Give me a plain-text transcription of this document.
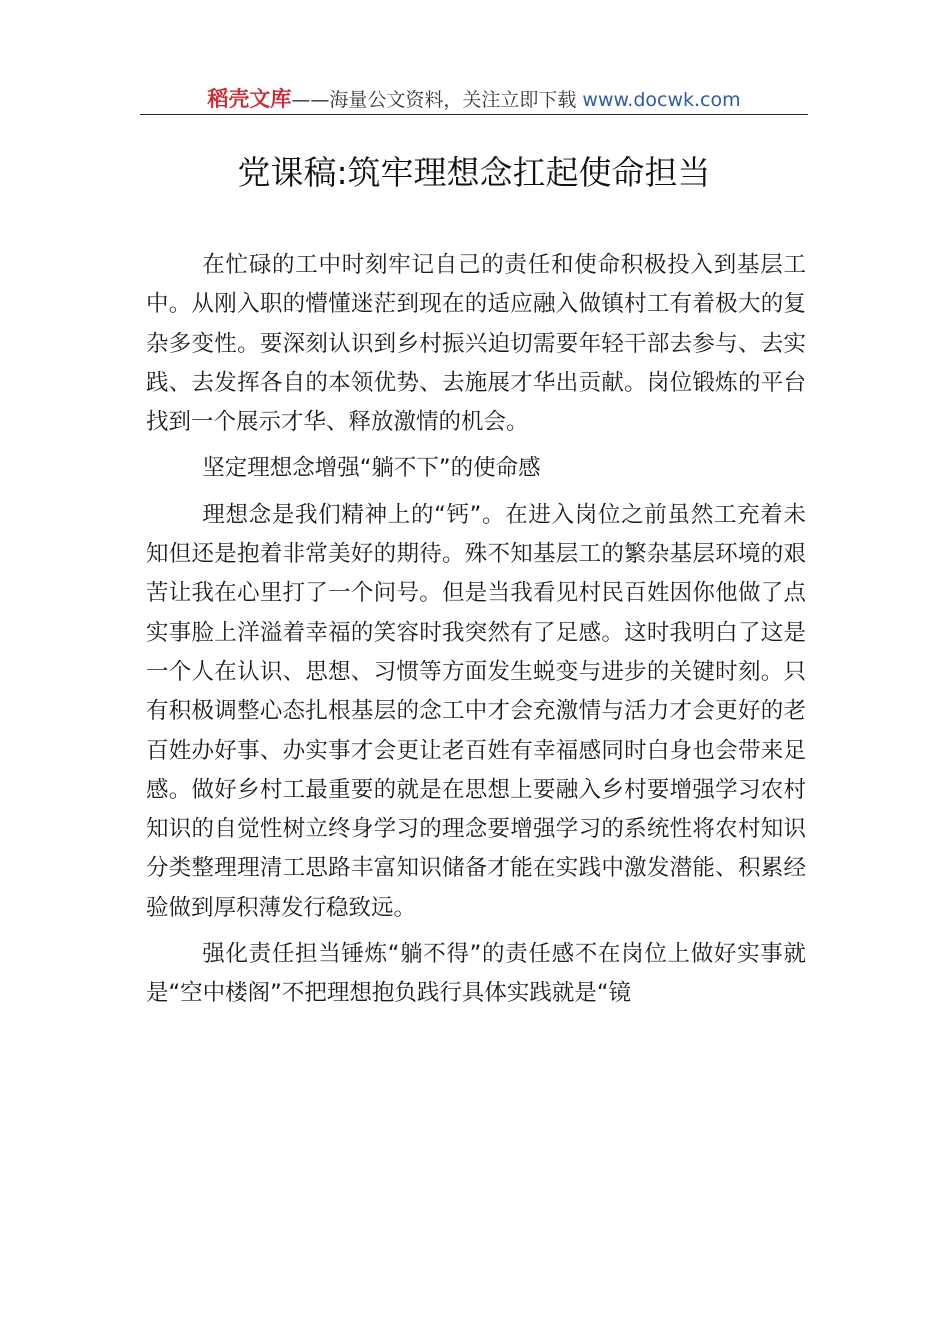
稻壳文库——海量公文资料，关注立即下载 www.docwk.com
党课稿:筑牢理想念扛起使命担当

在忙碌的工中时刻牢记自己的责任和使命积极投入到基层工中。从刚入职的懵懂迷茫到现在的适应融入做镇村工有着极大的复杂多变性。要深刻认识到乡村振兴迫切需要年轻干部去参与、去实践、去发挥各自的本领优势、去施展才华出贡献。岗位锻炼的平台找到一个展示才华、释放激情的机会。

坚定理想念增强“躺不下”的使命感

理想念是我们精神上的“钙”。在进入岗位之前虽然工充着未知但还是抱着非常美好的期待。殊不知基层工的繁杂基层环境的艰苦让我在心里打了一个问号。但是当我看见村民百姓因你他做了点实事脸上洋溢着幸福的笑容时我突然有了足感。这时我明白了这是一个人在认识、思想、习惯等方面发生蜕变与进步的关键时刻。只有积极调整心态扎根基层的念工中才会充激情与活力才会更好的老百姓办好事、办实事才会更让老百姓有幸福感同时白身也会带来足感。做好乡村工最重要的就是在思想上要融入乡村要增强学习农村知识的自觉性树立终身学习的理念要增强学习的系统性将农村知识分类整理理清工思路丰富知识储备才能在实践中激发潜能、积累经验做到厚积薄发行稳致远。

强化责任担当锤炼“躺不得”的责任感不在岗位上做好实事就是“空中楼阁”不把理想抱负践行具体实践就是“镜
